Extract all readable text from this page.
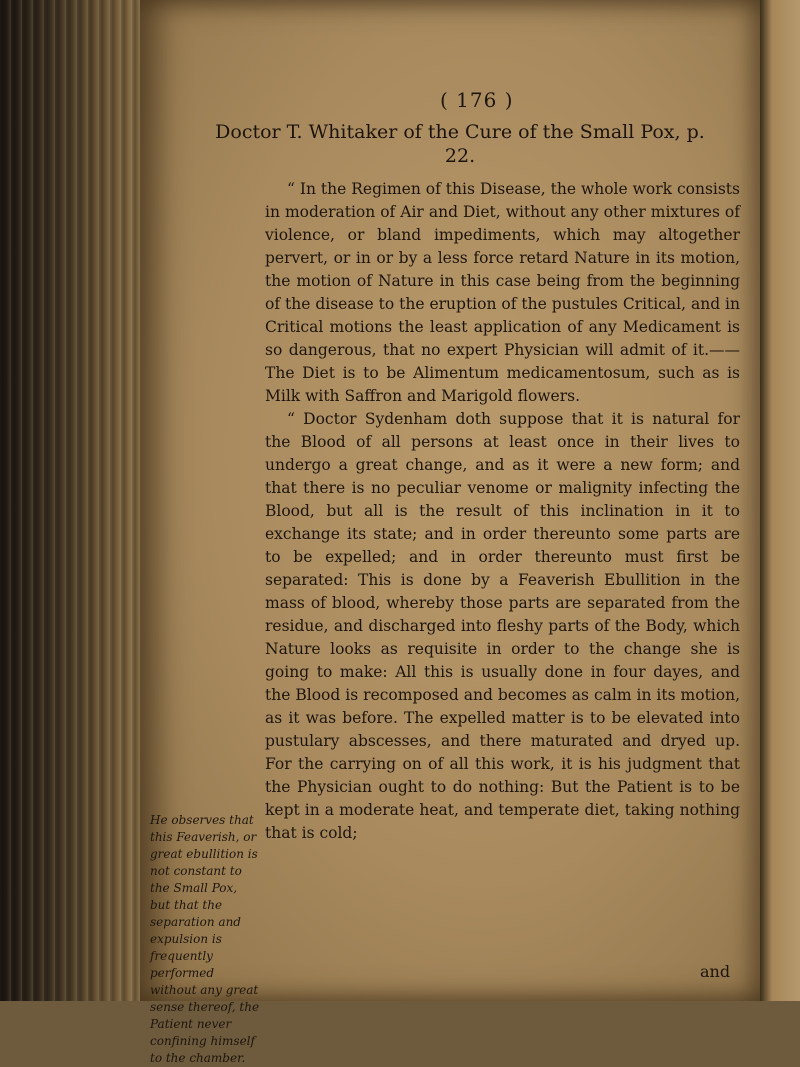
( 176 )
Doctor T. Whitaker of the Cure of the Small Pox, p. 22.

“ In the Regimen of this Disease, the whole work consists in moderation of Air and Diet, without any other mixtures of violence, or bland impediments, which may altogether pervert, or in or by a less force retard Nature in its motion, the motion of Nature in this case being from the beginning of the disease to the eruption of the pustules Critical, and in Critical motions the least application of any Medicament is so dangerous, that no expert Physician will admit of it.——The Diet is to be Alimentum medicamentosum, such as is Milk with Saffron and Marigold flowers.

“ Doctor Sydenham doth suppose that it is natural for the Blood of all persons at least once in their lives to undergo a great change, and as it were a new form; and that there is no peculiar venome or malignity infecting the Blood, but all is the result of this inclination in it to exchange its state; and in order thereunto some parts are to be expelled; and in order thereunto must first be separated: This is done by a Feaverish Ebullition in the mass of blood, whereby those parts are separated from the residue, and discharged into fleshy parts of the Body, which Nature looks as requisite in order to the change she is going to make: All this is usually done in four dayes, and the Blood is recomposed and becomes as calm in its motion, as it was before. The expelled matter is to be elevated into pustulary abscesses, and there maturated and dryed up. For the carrying on of all this work, it is his judgment that the Physician ought to do nothing: But the Patient is to be kept in a moderate heat, and temperate diet, taking nothing that is cold;

He observes that this Feaverish, or great ebullition is not constant to the Small Pox, but that the separation and expulsion is frequently performed without any great sense thereof, the Patient never confining himself to the chamber.
and
